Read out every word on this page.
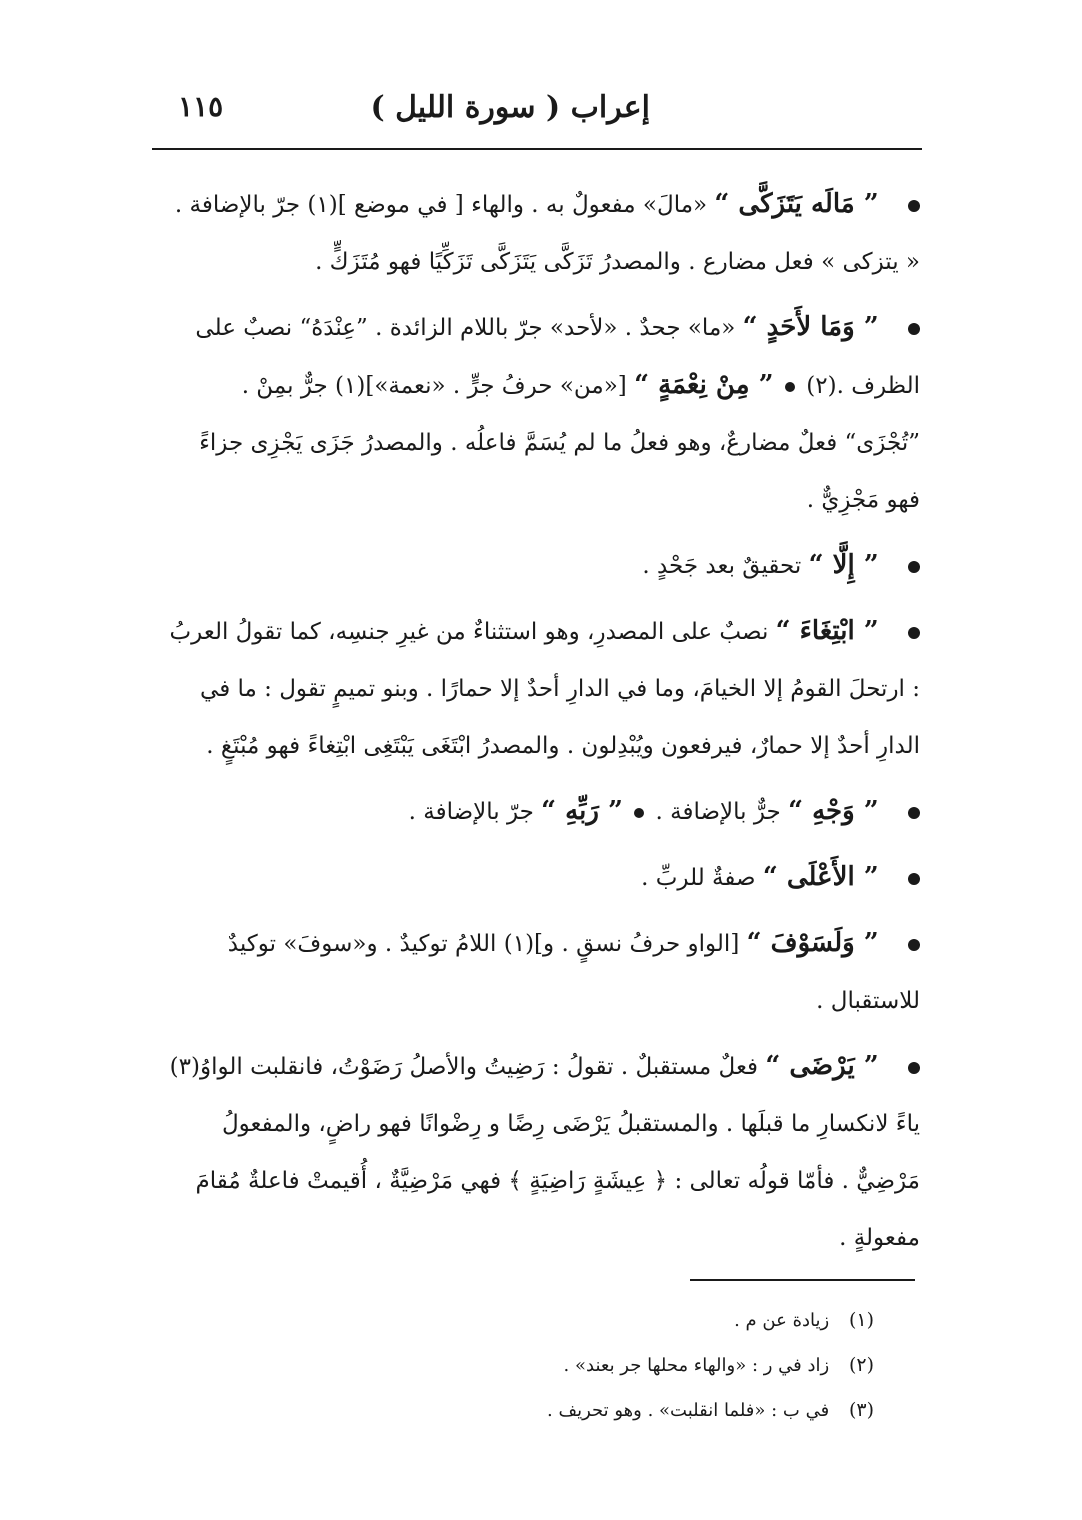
إعراب ( سورة الليل )
١١٥

” مَالَه يَتَزَكَّى “ «مالَ» مفعولٌ به . والهاء [ في موضع ](١) جرّ بالإضافة . « يتزكى » فعل مضارع . والمصدرُ تَزَكَّى يَتَزَكَّى تَزَكِّيًا فهو مُتَزَكٍّ .

” وَمَا لأَحَدٍ “ «ما» جحدٌ . «لأحد» جرّ باللام الزائدة . ”عِنْدَهُ“ نصبٌ على الظرف .(٢)  ” مِنْ نِعْمَةٍ “ [«من» حرفُ جرٍّ . «نعمة»](١) جرٌّ بمِنْ . ”تُجْزَى“ فعلٌ مضارعٌ، وهو فعلُ ما لم يُسَمَّ فاعلُه . والمصدرُ جَزَى يَجْزِى جزاءً فهو مَجْزِيٌّ .

” إِلَّا “ تحقيقٌ بعد جَحْدٍ .

” ابْتِغَاءَ “ نصبٌ على المصدرِ، وهو استثناءٌ من غيرِ جنسِه، كما تقولُ العربُ : ارتحلَ القومُ إلا الخيامَ، وما في الدارِ أحدٌ إلا حمارًا . وبنو تميمٍ تقول : ما في الدارِ أحدٌ إلا حمارٌ، فيرفعون ويُبْدِلون . والمصدرُ ابْتَغَى يَبْتَغِى ابْتِغاءً فهو مُبْتَغٍ .

” وَجْهِ “ جرٌّ بالإضافة .  ” رَبِّهِ “ جرّ بالإضافة .

” الأَعْلَى “ صفةٌ للربِّ .

” وَلَسَوْفَ “ [الواو حرفُ نسقٍ . و](١) اللامُ توكيدٌ . و«سوفَ» توكيدٌ للاستقبال .

” يَرْضَى “ فعلٌ مستقبلٌ . تقولُ : رَضِيتُ والأصلُ رَضَوْتُ، فانقلبت الواوُ(٣) ياءً لانكسارِ ما قبلَها . والمستقبلُ يَرْضَى رِضًا و رِضْوانًا فهو راضٍ، والمفعولُ مَرْضِيٌّ . فأمّا قولُه تعالى : ﴿ عِيشَةٍ رَاضِيَةٍ ﴾ فهي مَرْضِيَّةٌ ، أُقيمتْ فاعلةٌ مُقامَ مفعولةٍ .

(١) زيادة عن م .
(٢) زاد في ر : «والهاء محلها جر بعند» .
(٣) في ب : «فلما انقلبت» . وهو تحريف .
